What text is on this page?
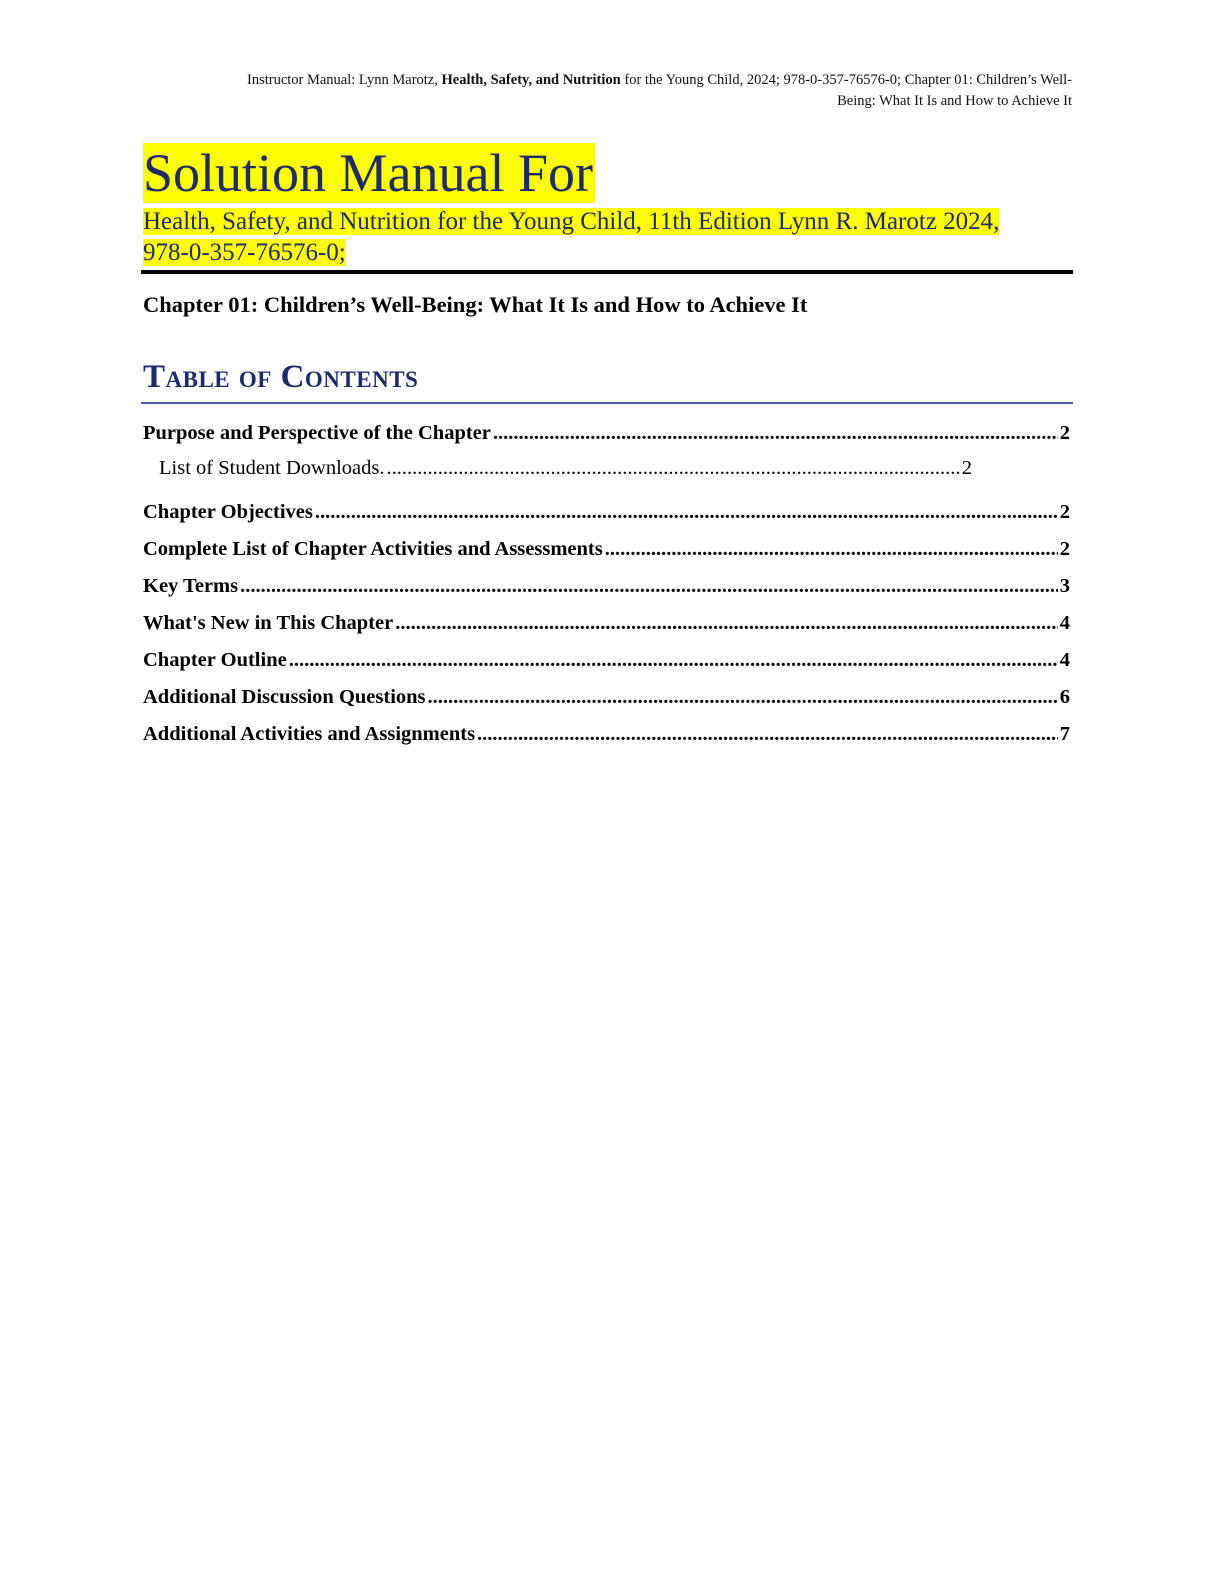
Instructor Manual: Lynn Marotz, Health, Safety, and Nutrition for the Young Child, 2024; 978-0-357-76576-0; Chapter 01: Children’s Well-
Being: What It Is and How to Achieve It
Solution Manual For
Health, Safety, and Nutrition for the Young Child, 11th Edition Lynn R. Marotz 2024, 978-0-357-76576-0;
Chapter 01: Children’s Well-Being: What It Is and How to Achieve It
Table of Contents
Purpose and Perspective of the Chapter .....	2
List of Student Downloads. .....	2
Chapter Objectives .....	2
Complete List of Chapter Activities and Assessments .....	2
Key Terms .....	3
What's New in This Chapter .....	4
Chapter Outline .....	4
Additional Discussion Questions .....	6
Additional Activities and Assignments .....	7
